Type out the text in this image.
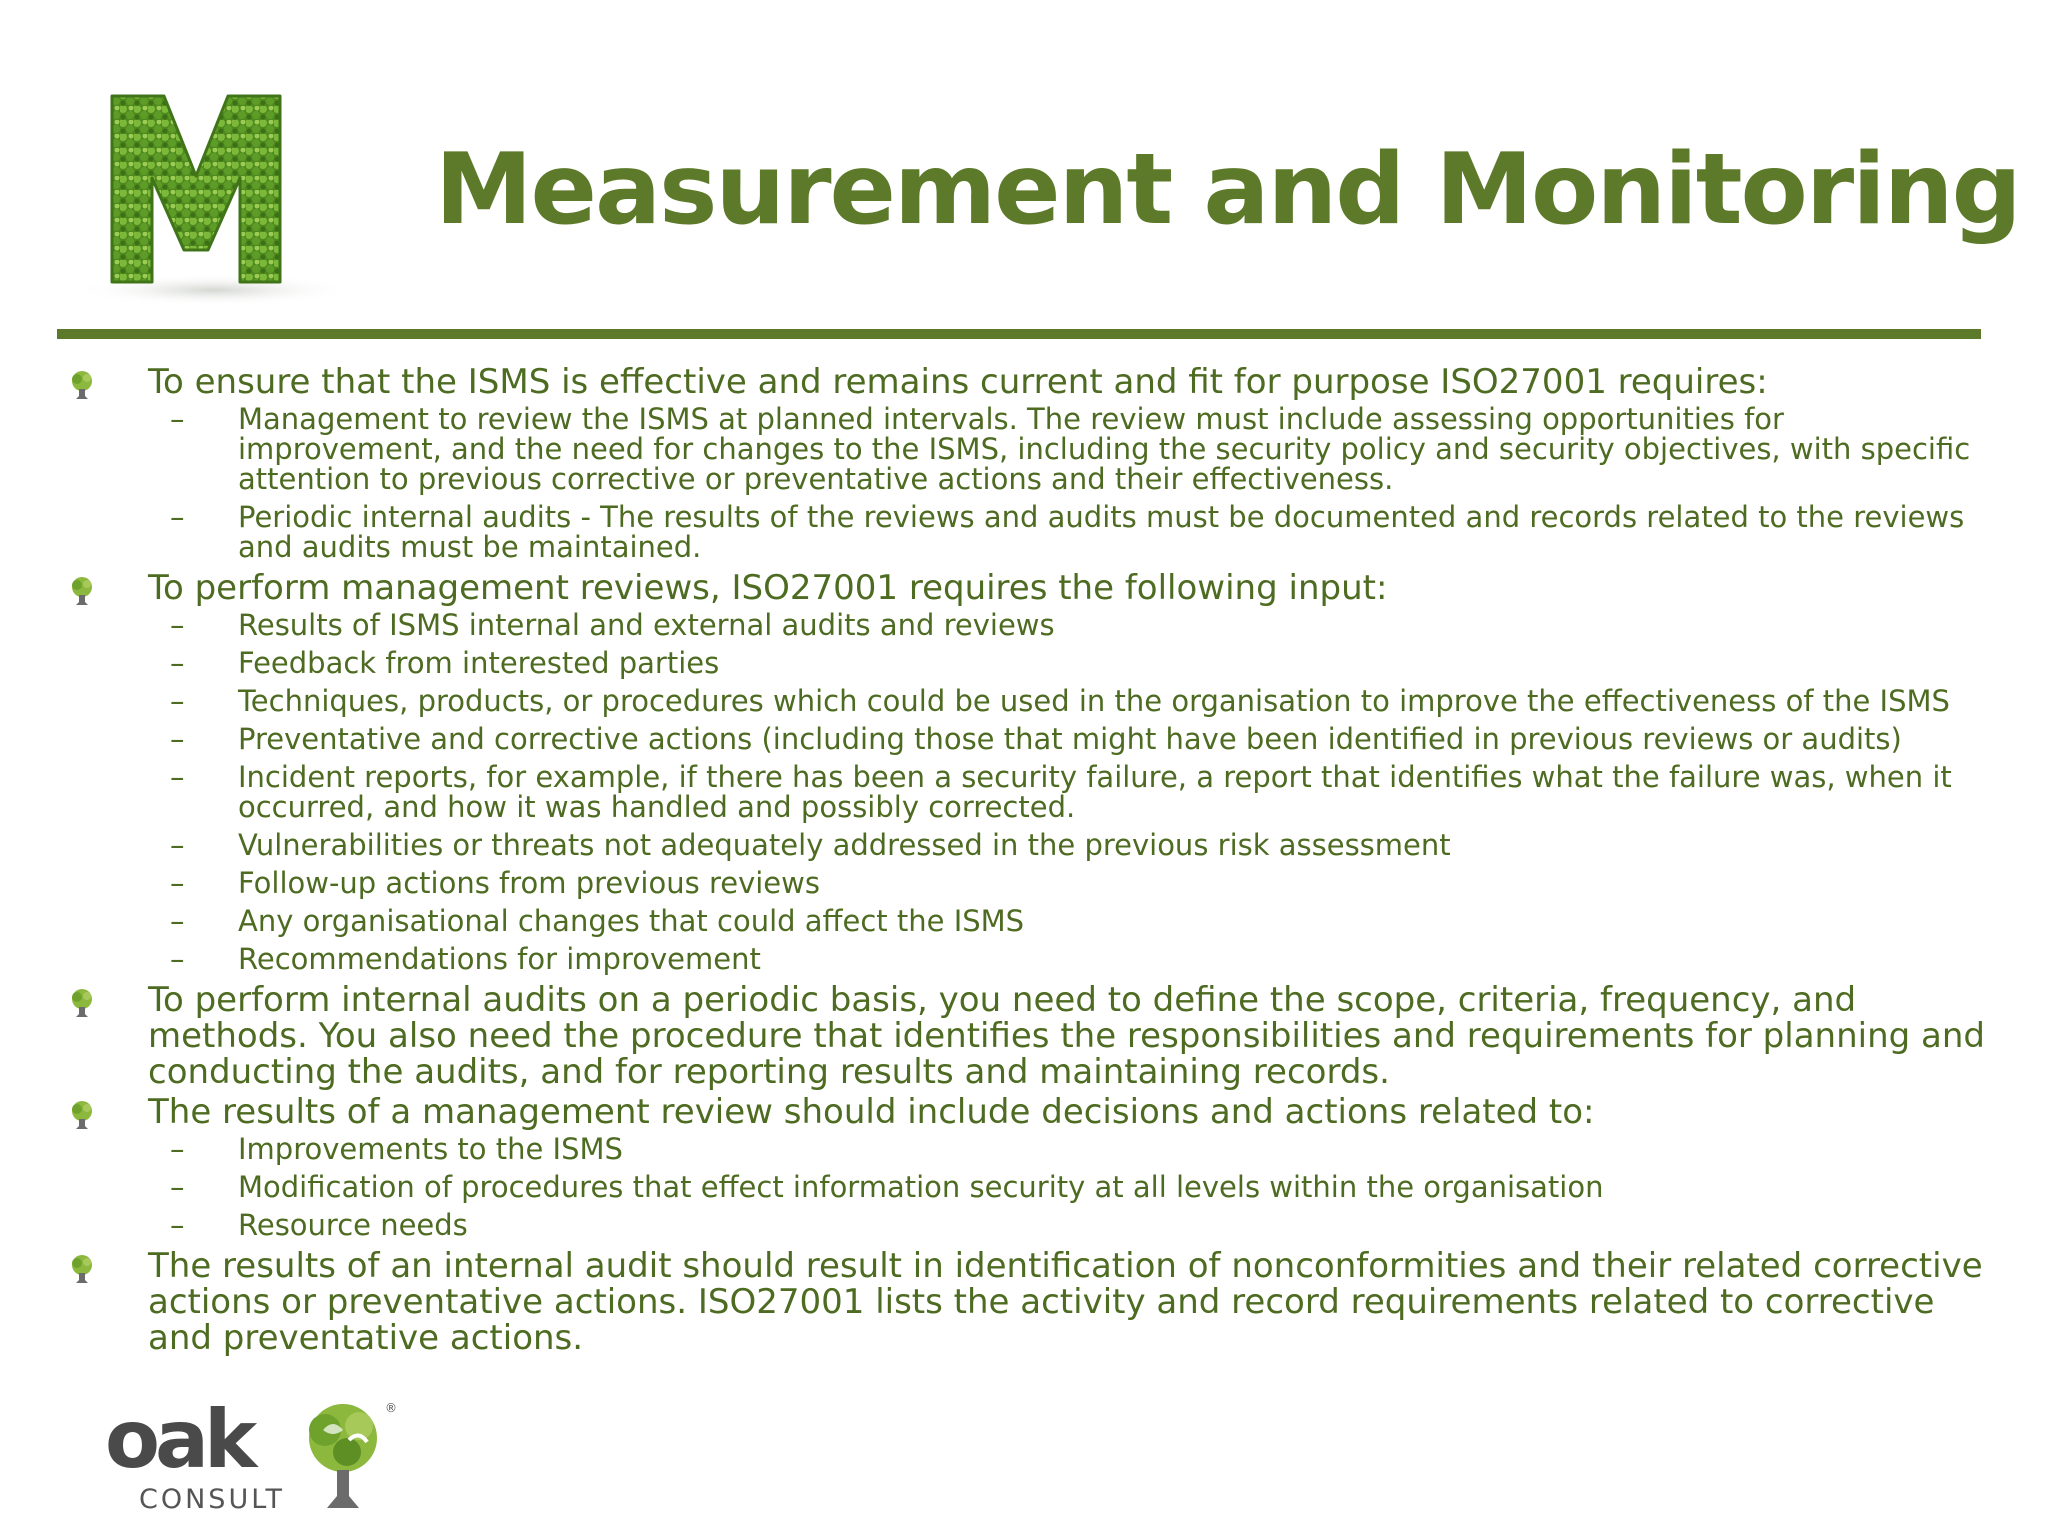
Measurement and Monitoring
To ensure that the ISMS is effective and remains current and fit for purpose ISO27001 requires:
– Management to review the ISMS at planned intervals. The review must include assessing opportunities for improvement, and the need for changes to the ISMS, including the security policy and security objectives, with specific attention to previous corrective or preventative actions and their effectiveness.
– Periodic internal audits - The results of the reviews and audits must be documented and records related to the reviews and audits must be maintained.
To perform management reviews, ISO27001 requires the following input:
– Results of ISMS internal and external audits and reviews
– Feedback from interested parties
– Techniques, products, or procedures which could be used in the organisation to improve the effectiveness of the ISMS
– Preventative and corrective actions (including those that might have been identified in previous reviews or audits)
– Incident reports, for example, if there has been a security failure, a report that identifies what the failure was, when it occurred, and how it was handled and possibly corrected.
– Vulnerabilities or threats not adequately addressed in the previous risk assessment
– Follow-up actions from previous reviews
– Any organisational changes that could affect the ISMS
– Recommendations for improvement
To perform internal audits on a periodic basis, you need to define the scope, criteria, frequency, and methods. You also need the procedure that identifies the responsibilities and requirements for planning and conducting the audits, and for reporting results and maintaining records.
The results of a management review should include decisions and actions related to:
– Improvements to the ISMS
– Modification of procedures that effect information security at all levels within the organisation
– Resource needs
The results of an internal audit should result in identification of nonconformities and their related corrective actions or preventative actions. ISO27001 lists the activity and record requirements related to corrective and preventative actions.
oak
CONSULT
®
